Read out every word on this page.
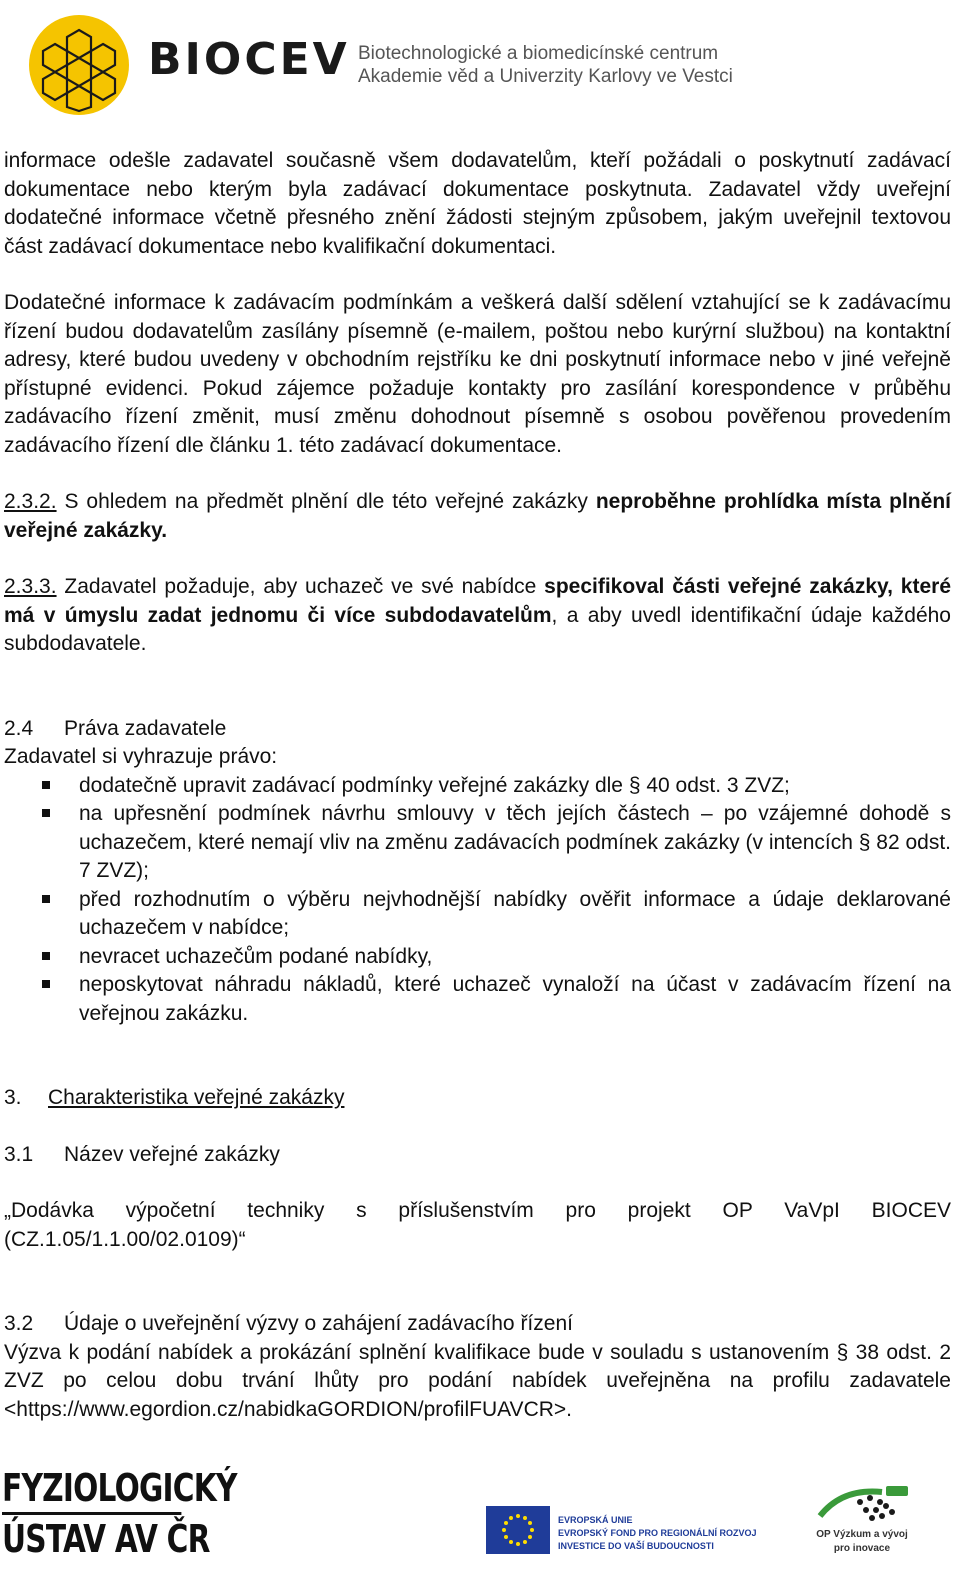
BIOCEV Biotechnologické a biomedicínské centrum
Akademie věd a Univerzity Karlovy ve Vestci

informace odešle zadavatel současně všem dodavatelům, kteří požádali o poskytnutí zadávací dokumentace nebo kterým byla zadávací dokumentace poskytnuta. Zadavatel vždy uveřejní dodatečné informace včetně přesného znění žádosti stejným způsobem, jakým uveřejnil textovou část zadávací dokumentace nebo kvalifikační dokumentaci.

Dodatečné informace k zadávacím podmínkám a veškerá další sdělení vztahující se k zadávacímu řízení budou dodavatelům zasílány písemně (e-mailem, poštou nebo kurýrní službou) na kontaktní adresy, které budou uvedeny v obchodním rejstříku ke dni poskytnutí informace nebo v jiné veřejně přístupné evidenci. Pokud zájemce požaduje kontakty pro zasílání korespondence v průběhu zadávacího řízení změnit, musí změnu dohodnout písemně s osobou pověřenou provedením zadávacího řízení dle článku 1. této zadávací dokumentace.

2.3.2. S ohledem na předmět plnění dle této veřejné zakázky neproběhne prohlídka místa plnění veřejné zakázky.

2.3.3. Zadavatel požaduje, aby uchazeč ve své nabídce specifikoval části veřejné zakázky, které má v úmyslu zadat jednomu či více subdodavatelům, a aby uvedl identifikační údaje každého subdodavatele.

2.4 Práva zadavatele

Zadavatel si vyhrazuje právo:

dodatečně upravit zadávací podmínky veřejné zakázky dle § 40 odst. 3 ZVZ;
na upřesnění podmínek návrhu smlouvy v těch jejích částech – po vzájemné dohodě s uchazečem, které nemají vliv na změnu zadávacích podmínek zakázky (v intencích § 82 odst. 7 ZVZ);
před rozhodnutím o výběru nejvhodnější nabídky ověřit informace a údaje deklarované uchazečem v nabídce;
nevracet uchazečům podané nabídky,
neposkytovat náhradu nákladů, které uchazeč vynaloží na účast v zadávacím řízení na veřejnou zakázku.
3. Charakteristika veřejné zakázky
3.1 Název veřejné zakázky

„Dodávka výpočetní techniky s příslušenstvím pro projekt OP VaVpI BIOCEV (CZ.1.05/1.1.00/02.0109)“

3.2 Údaje o uveřejnění výzvy o zahájení zadávacího řízení

Výzva k podání nabídek a prokázání splnění kvalifikace bude v souladu s ustanovením § 38 odst. 2 ZVZ po celou dobu trvání lhůty pro podání nabídek uveřejněna na profilu zadavatele <https://www.egordion.cz/nabidkaGORDION/profilFUAVCR>.

FYZIOLOGICKÝ
ÚSTAV AV ČR	EVROPSKÁ UNIE
EVROPSKÝ FOND PRO REGIONÁLNÍ ROZVOJ
INVESTICE DO VAŠÍ BUDOUCNOSTI
OP Výzkum a vývoj
pro inovace
